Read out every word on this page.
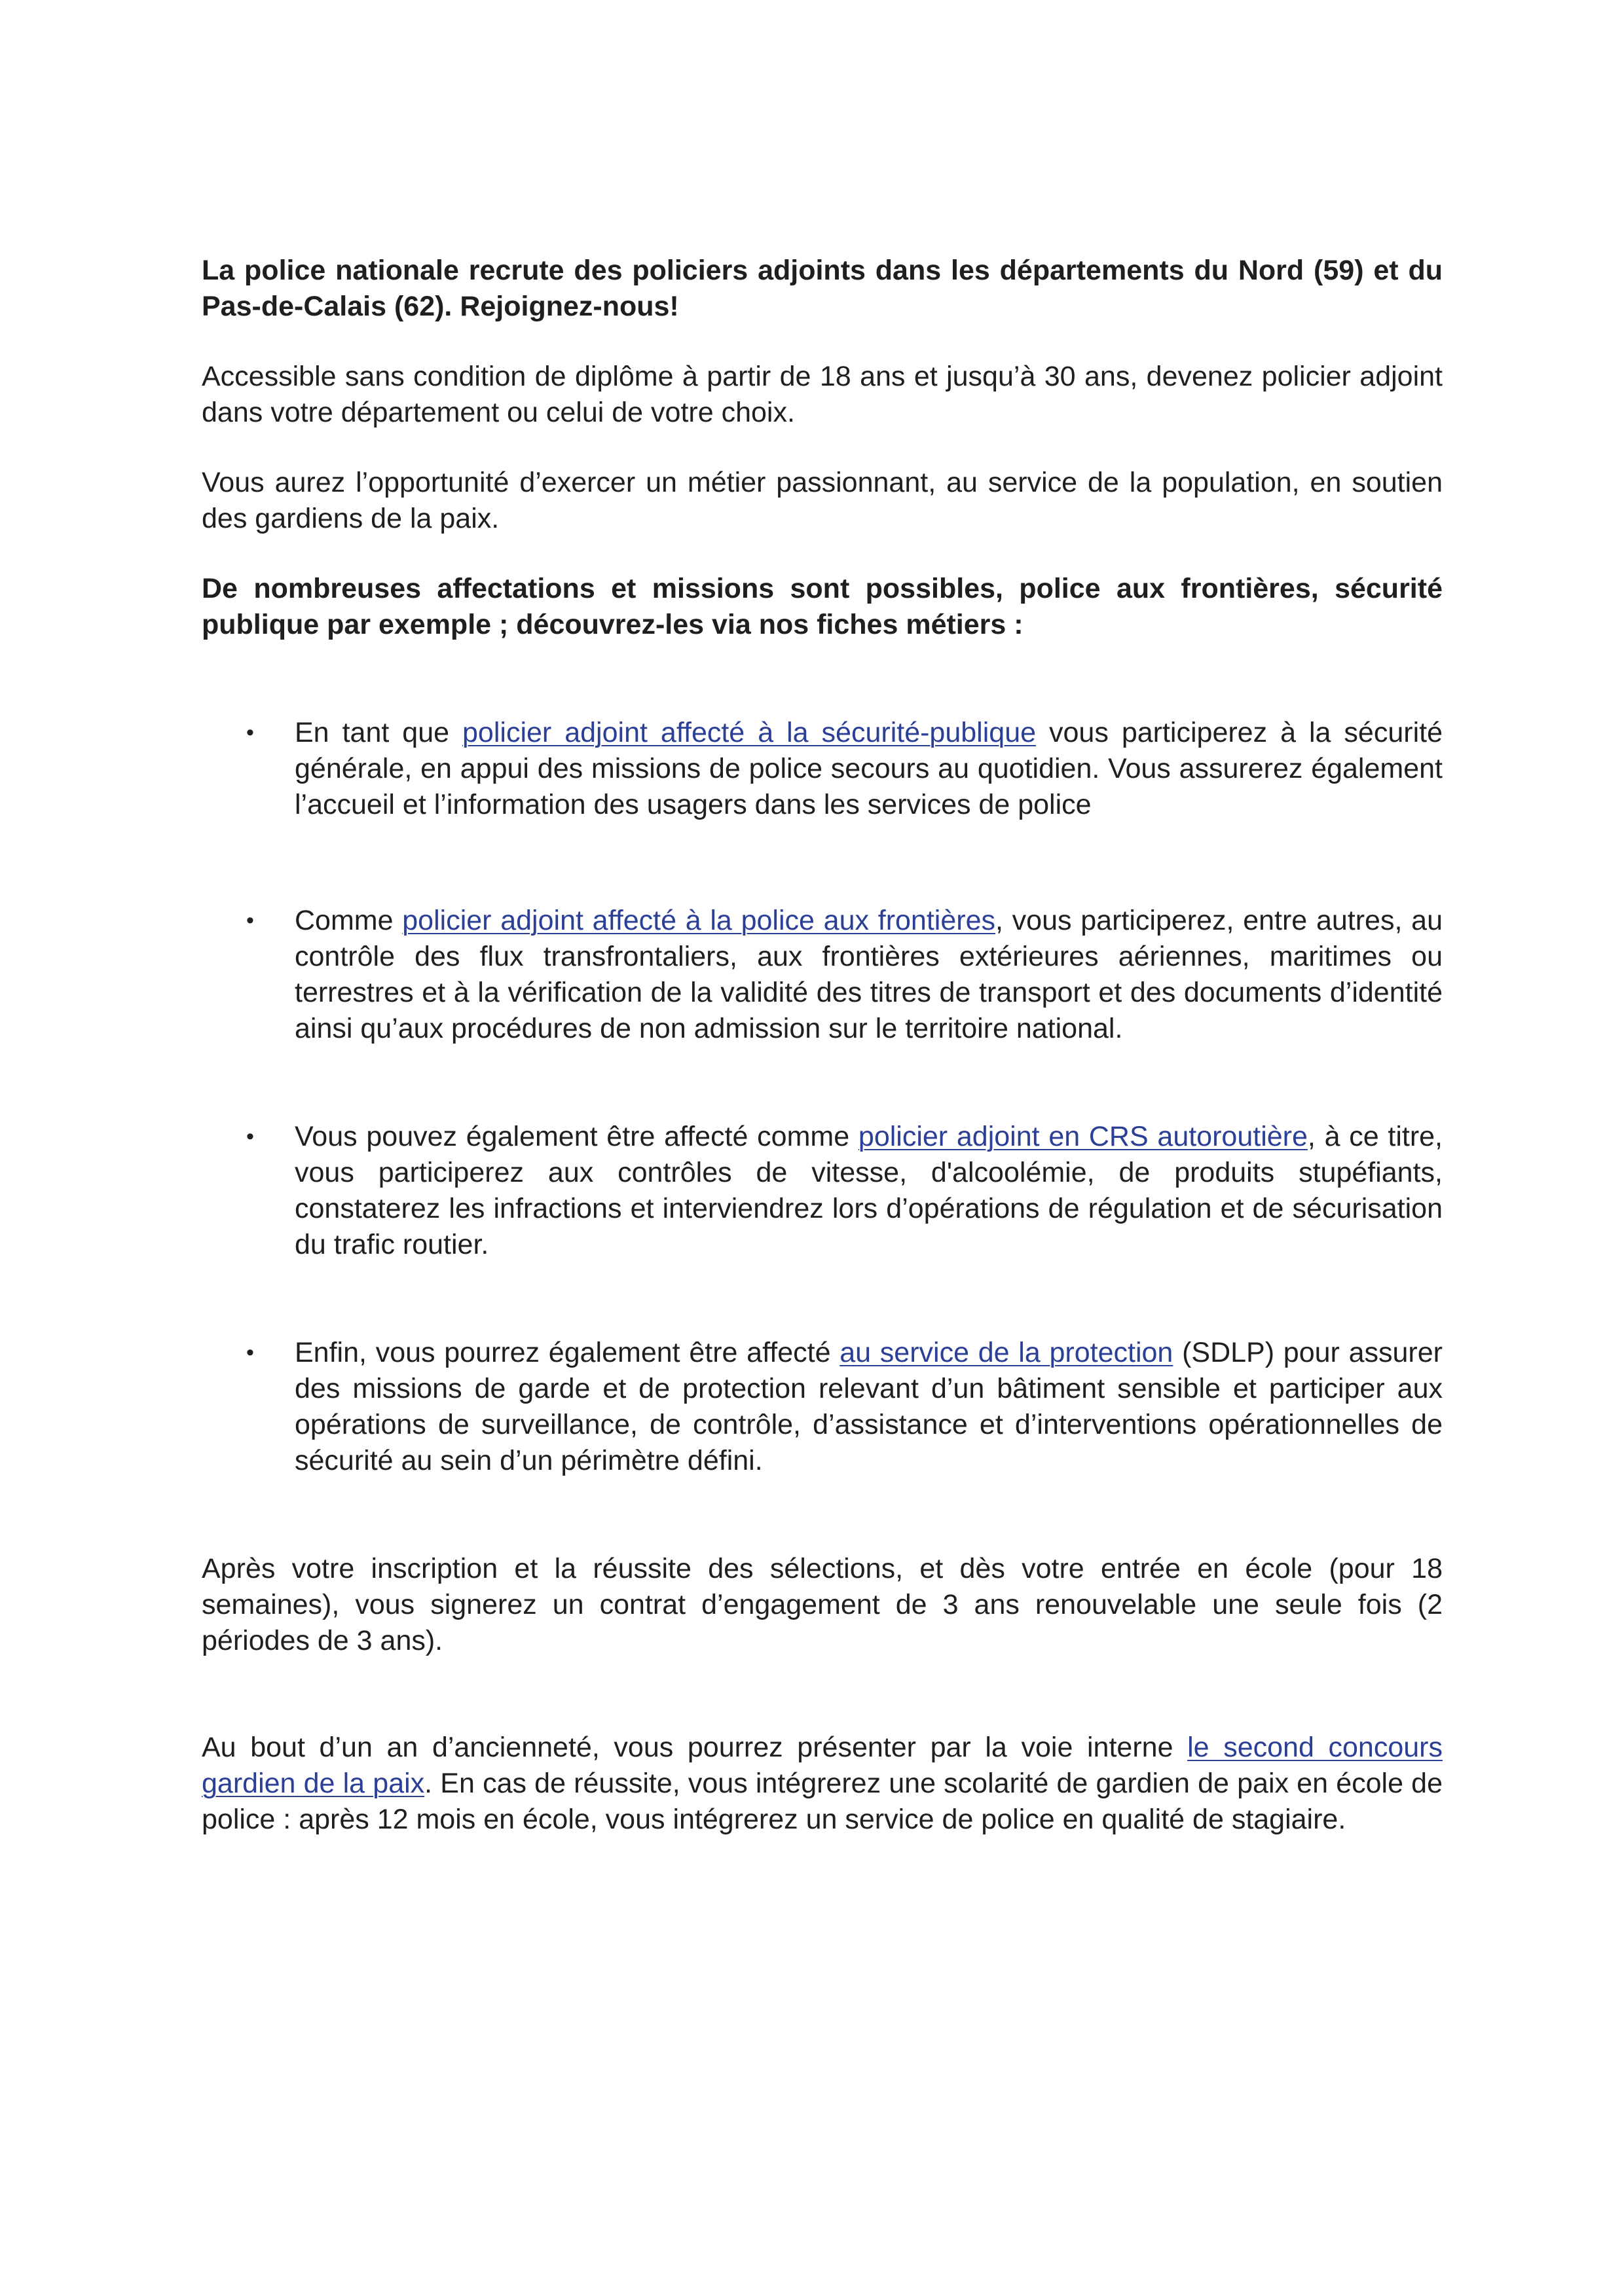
La police nationale recrute des policiers adjoints dans les départements du Nord (59) et du Pas-de-Calais (62). Rejoignez-nous!

Accessible sans condition de diplôme à partir de 18 ans et jusqu’à 30 ans, devenez policier adjoint dans votre département ou celui de votre choix.

Vous aurez l’opportunité d’exercer un métier passionnant, au service de la population, en soutien des gardiens de la paix.

De nombreuses affectations et missions sont possibles, police aux frontières, sécurité publique par exemple ; découvrez-les via nos fiches métiers :

• En tant que policier adjoint affecté à la sécurité-publique vous participerez à la sécurité générale, en appui des missions de police secours au quotidien. Vous assurerez également l’accueil et l’information des usagers dans les services de police
• Comme policier adjoint affecté à la police aux frontières, vous participerez, entre autres, au contrôle des flux transfrontaliers, aux frontières extérieures aériennes, maritimes ou terrestres et à la vérification de la validité des titres de transport et des documents d’identité ainsi qu’aux procédures de non admission sur le territoire national.
• Vous pouvez également être affecté comme policier adjoint en CRS autoroutière, à ce titre, vous participerez aux contrôles de vitesse, d'alcoolémie, de produits stupéfiants, constaterez les infractions et interviendrez lors d’opérations de régulation et de sécurisation du trafic routier.
• Enfin, vous pourrez également être affecté au service de la protection (SDLP) pour assurer des missions de garde et de protection relevant d’un bâtiment sensible et participer aux opérations de surveillance, de contrôle, d’assistance et d’interventions opérationnelles de sécurité au sein d’un périmètre défini.

Après votre inscription et la réussite des sélections, et dès votre entrée en école (pour 18 semaines), vous signerez un contrat d’engagement de 3 ans renouvelable une seule fois (2 périodes de 3 ans).

Au bout d’un an d’ancienneté, vous pourrez présenter par la voie interne le second concours gardien de la paix. En cas de réussite, vous intégrerez une scolarité de gardien de paix en école de police : après 12 mois en école, vous intégrerez un service de police en qualité de stagiaire.
